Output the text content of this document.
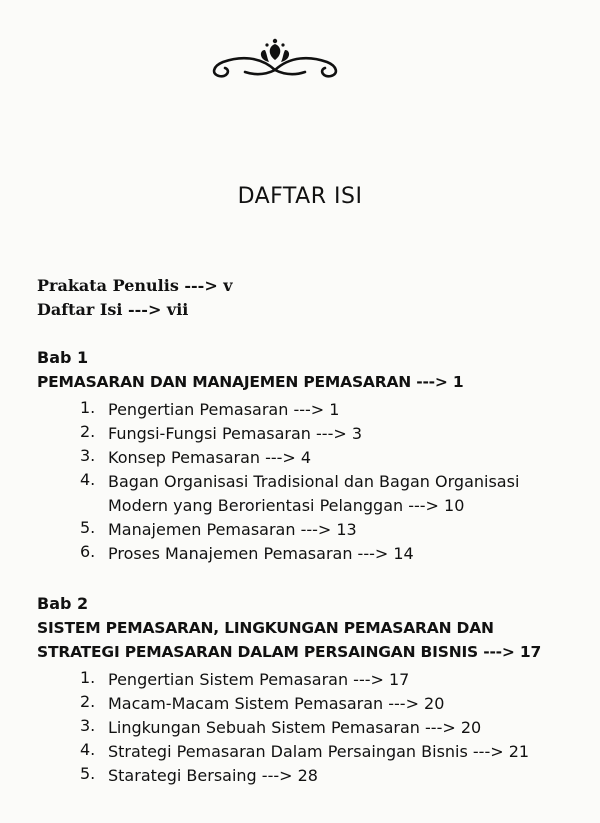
DAFTAR ISI
Prakata Penulis ---> v
Daftar Isi ---> vii
Bab 1
PEMASARAN DAN MANAJEMEN PEMASARAN ---> 1
1. Pengertian Pemasaran ---> 1
2. Fungsi-Fungsi Pemasaran ---> 3
3. Konsep Pemasaran ---> 4
4. Bagan Organisasi Tradisional dan Bagan Organisasi Modern yang Berorientasi Pelanggan ---> 10
5. Manajemen Pemasaran ---> 13
6. Proses Manajemen Pemasaran ---> 14
Bab 2
SISTEM PEMASARAN, LINGKUNGAN PEMASARAN DAN
STRATEGI PEMASARAN DALAM PERSAINGAN BISNIS ---> 17
1. Pengertian Sistem Pemasaran ---> 17
2. Macam-Macam Sistem Pemasaran ---> 20
3. Lingkungan Sebuah Sistem Pemasaran ---> 20
4. Strategi Pemasaran Dalam Persaingan Bisnis ---> 21
5. Starategi Bersaing ---> 28
